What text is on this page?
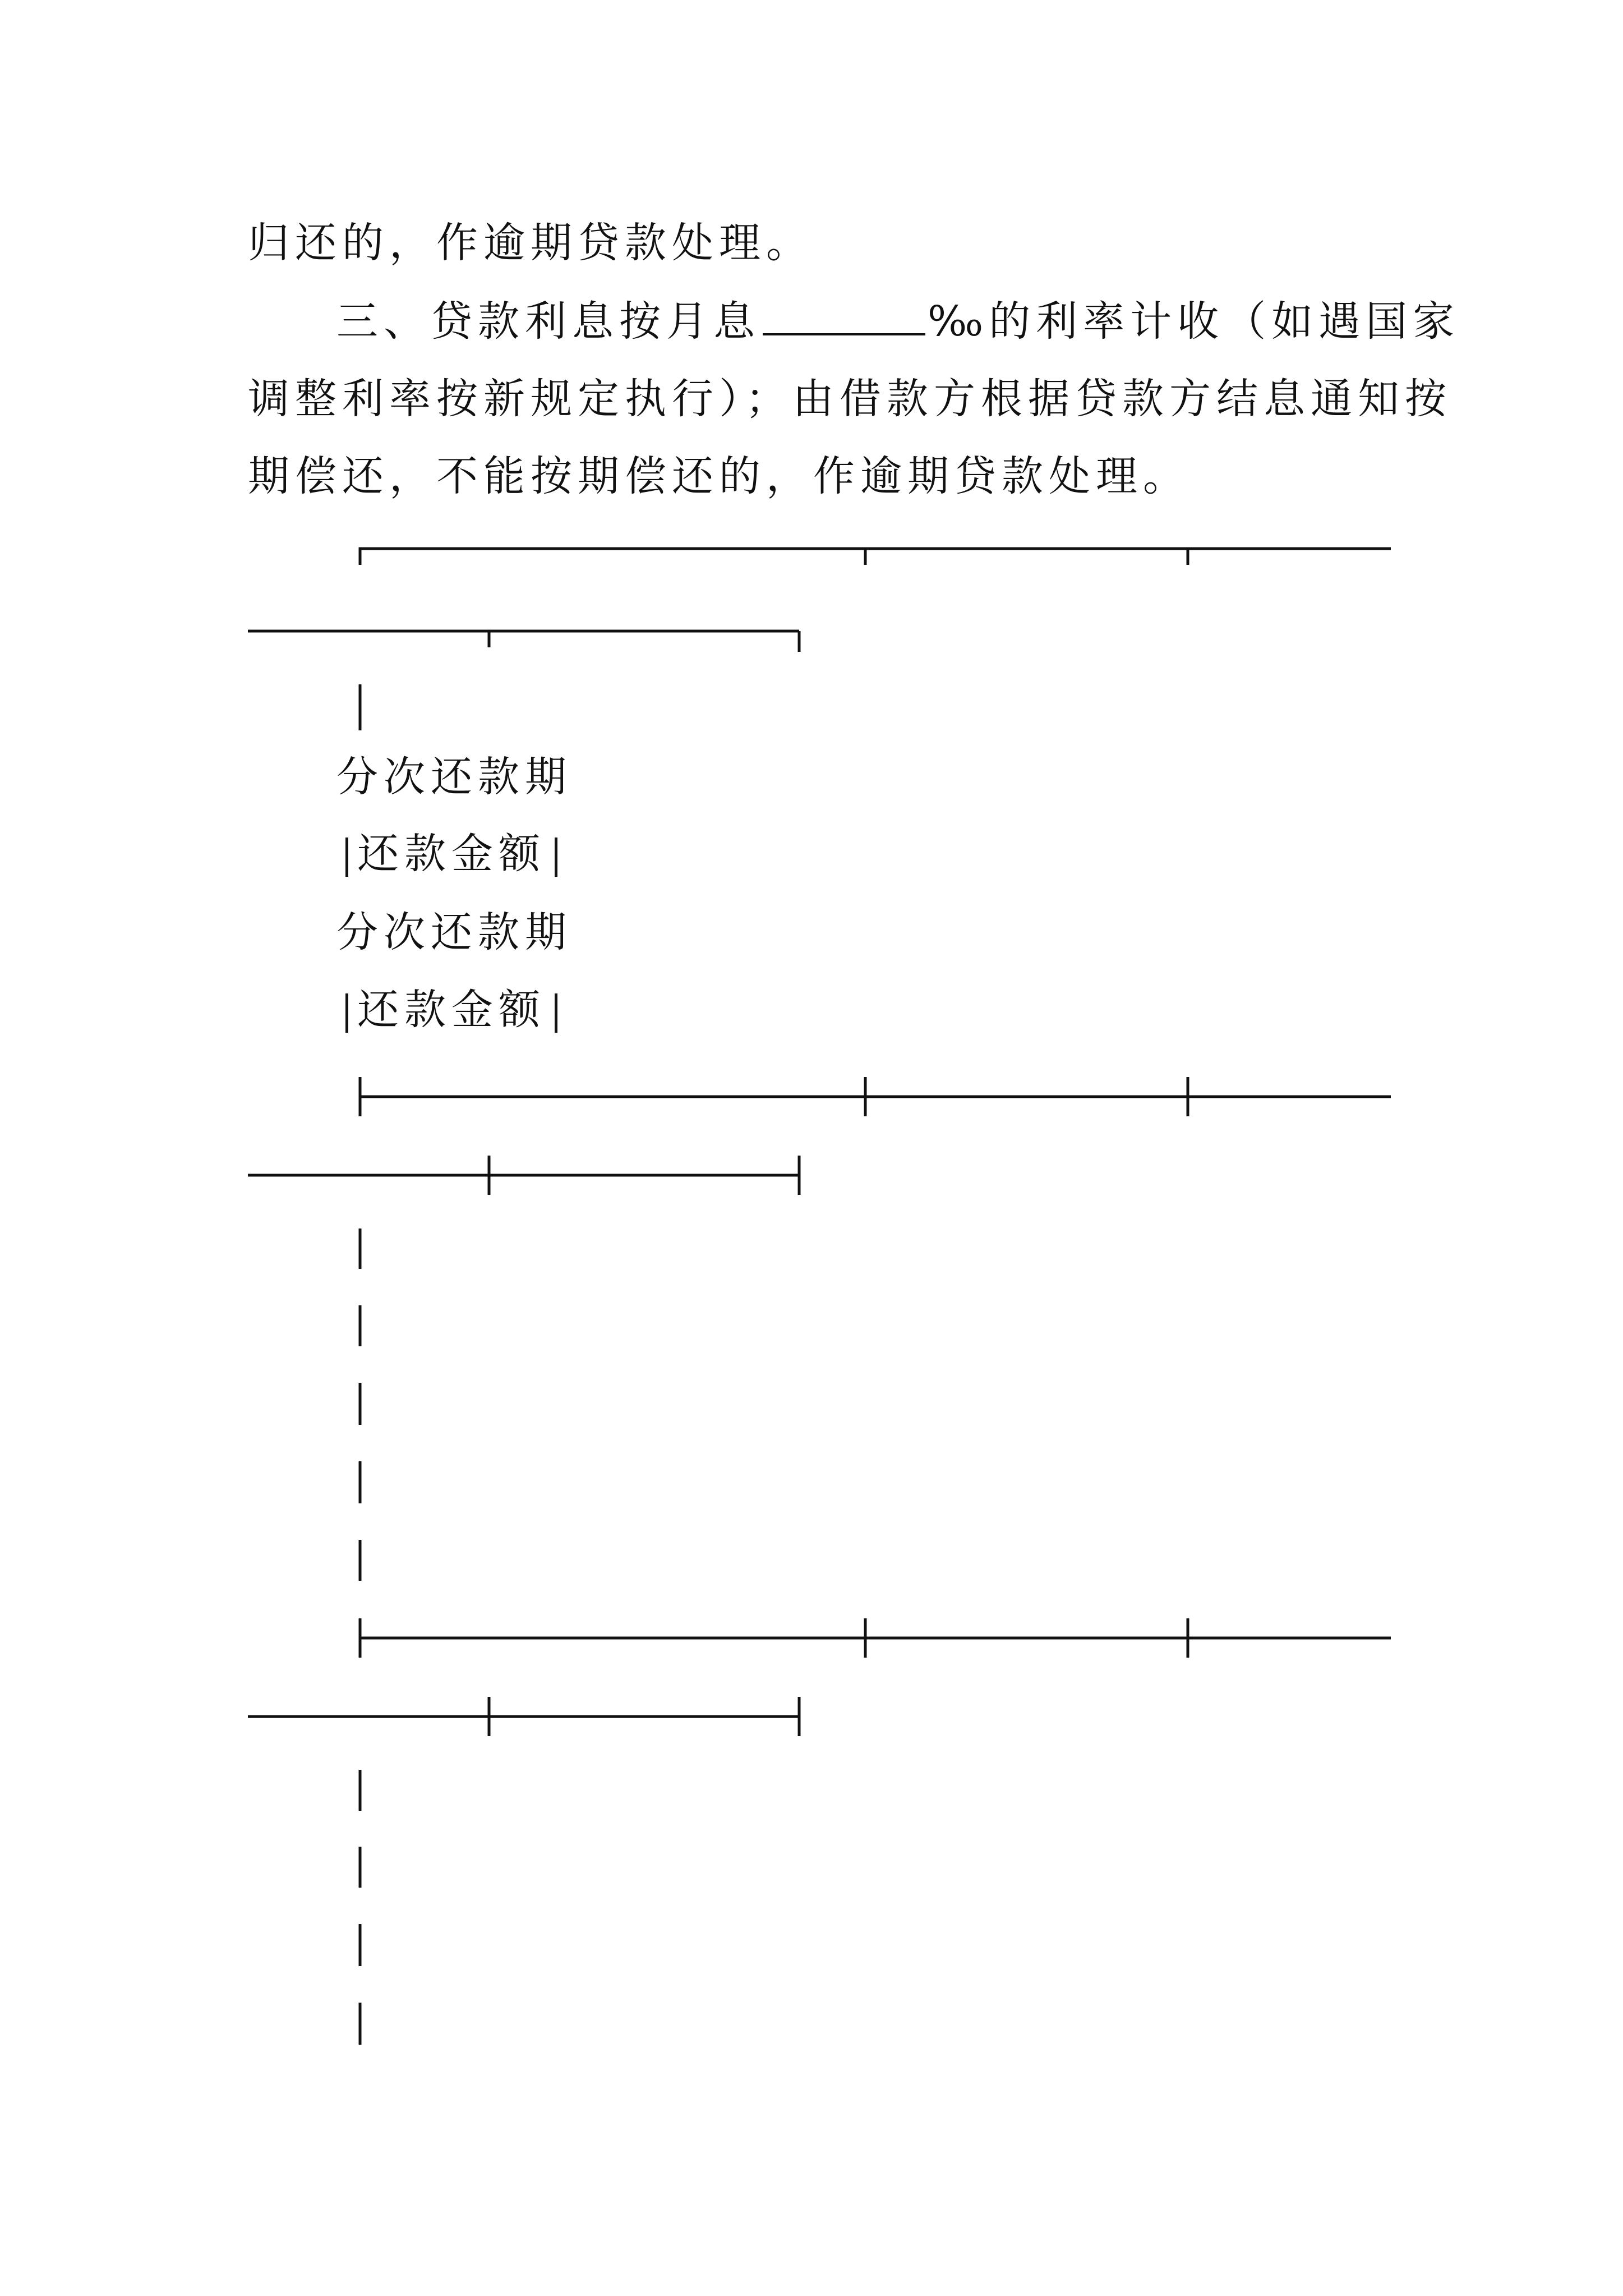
归还的，作逾期贷款处理。
三、贷款利息按月息	‰的利率计收（如遇国家
调整利率按新规定执行）；由借款方根据贷款方结息通知按
期偿还，不能按期偿还的，作逾期贷款处理。
分次还款期
还款金额
分次还款期
还款金额
